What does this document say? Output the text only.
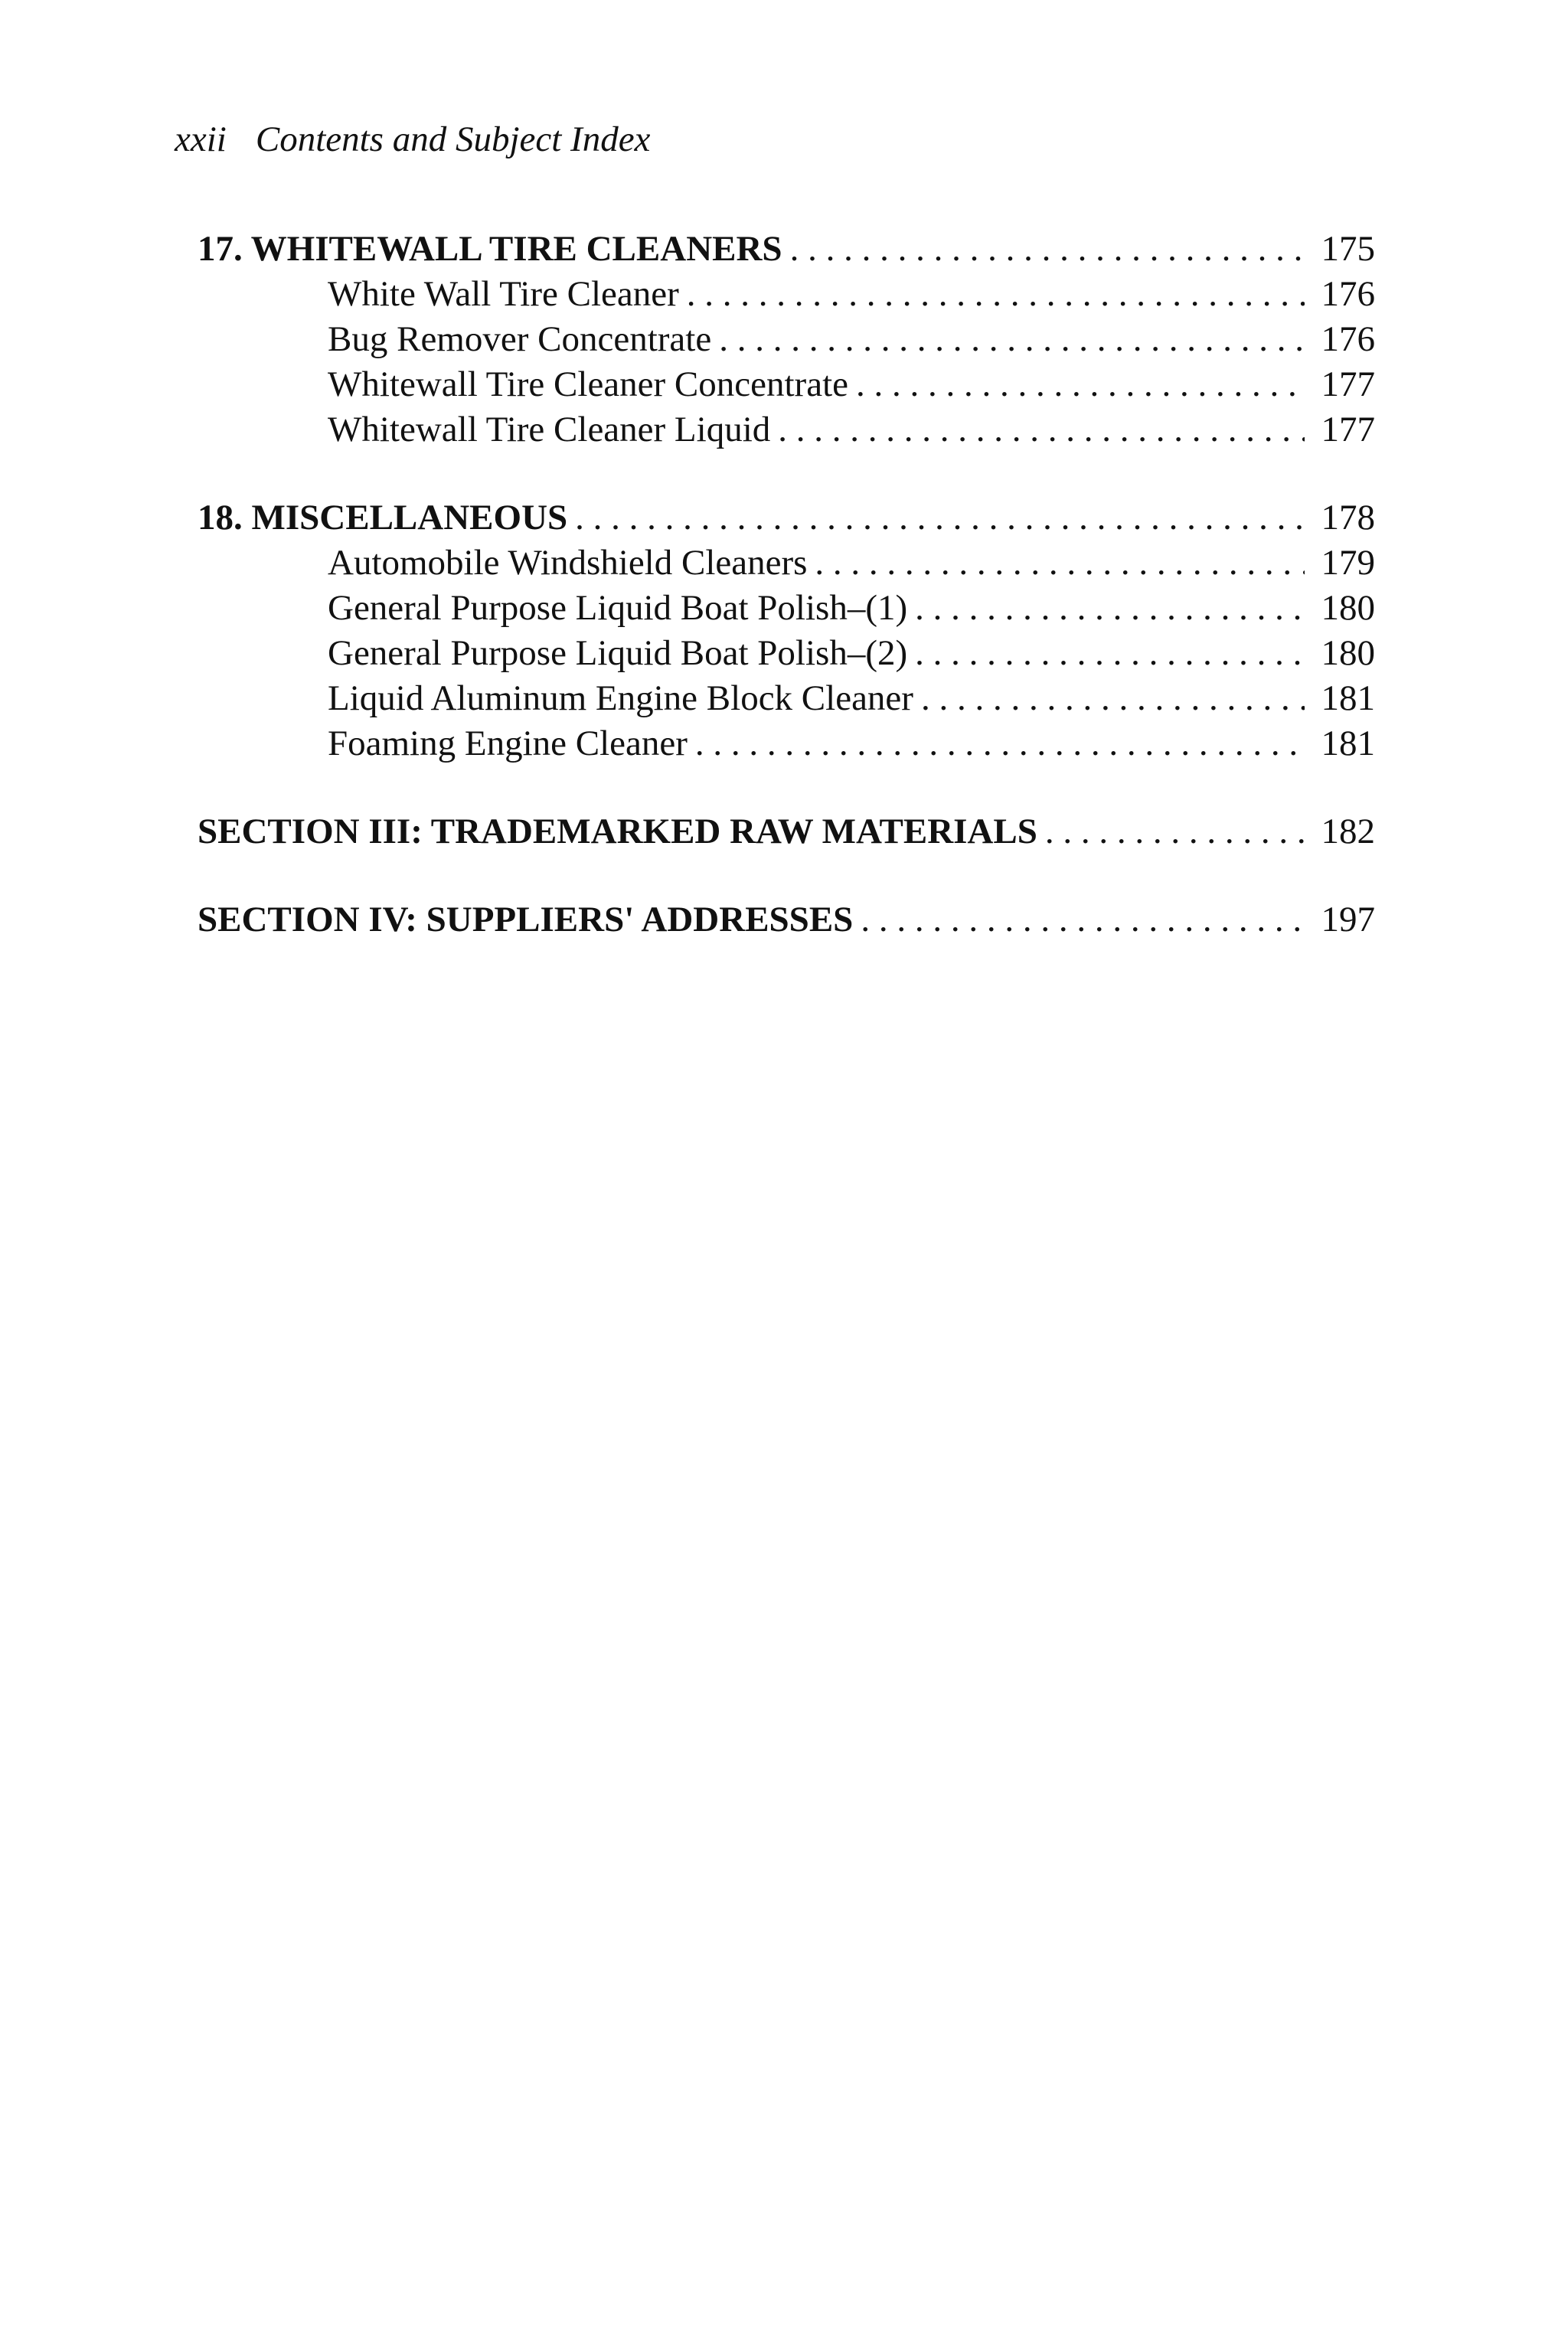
xxii Contents and Subject Index
17. WHITEWALL TIRE CLEANERS . . .	175
White Wall Tire Cleaner . . .	176
Bug Remover Concentrate . . .	176
Whitewall Tire Cleaner Concentrate . . .	177
Whitewall Tire Cleaner Liquid . . .	177
18. MISCELLANEOUS . . .	178
Automobile Windshield Cleaners . . .	179
General Purpose Liquid Boat Polish–(1) . . .	180
General Purpose Liquid Boat Polish–(2) . . .	180
Liquid Aluminum Engine Block Cleaner . . .	181
Foaming Engine Cleaner . . .	181
SECTION III: TRADEMARKED RAW MATERIALS . . .	182
SECTION IV: SUPPLIERS' ADDRESSES . . .	197
